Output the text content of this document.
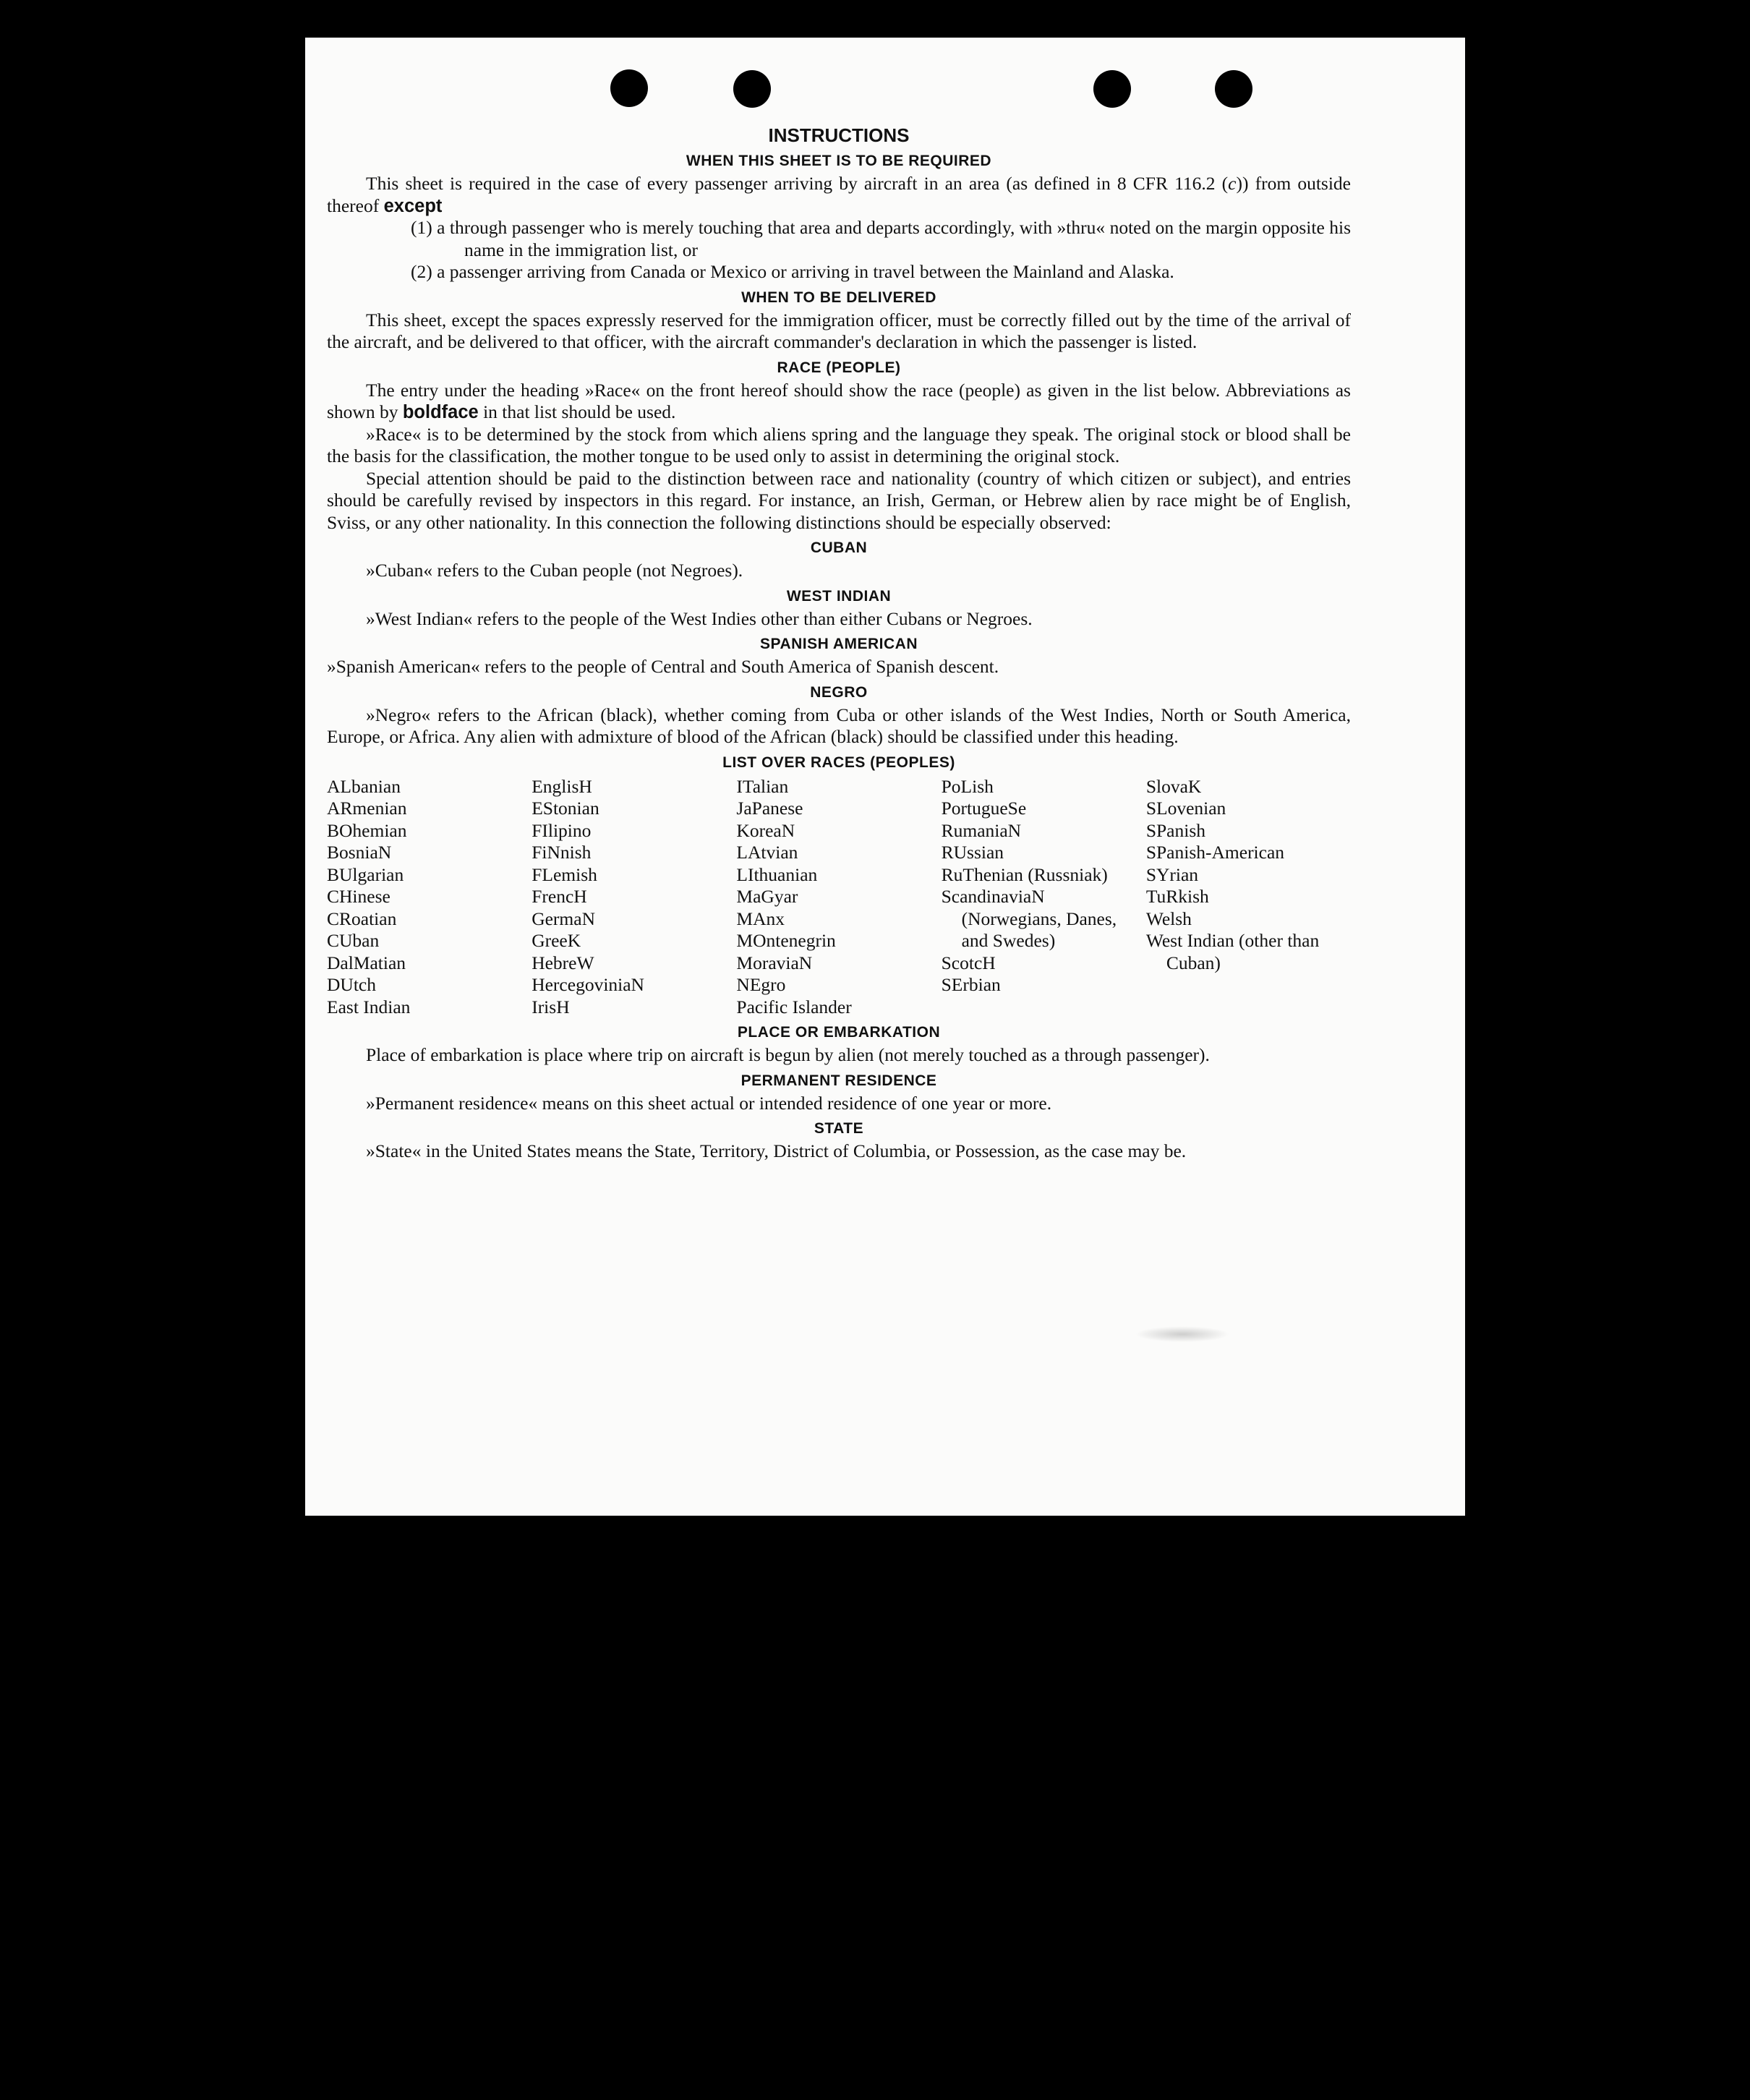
INSTRUCTIONS
WHEN THIS SHEET IS TO BE REQUIRED

This sheet is required in the case of every passenger arriving by aircraft in an area (as defined in 8 CFR 116.2 (c)) from outside thereof except

(1) a through passenger who is merely touching that area and departs accordingly, with »thru« noted on the margin opposite his name in the immigration list, or
(2) a passenger arriving from Canada or Mexico or arriving in travel between the Mainland and Alaska.
WHEN TO BE DELIVERED

This sheet, except the spaces expressly reserved for the immigration officer, must be correctly filled out by the time of the arrival of the aircraft, and be delivered to that officer, with the aircraft commander's declaration in which the passenger is listed.

RACE (PEOPLE)

The entry under the heading »Race« on the front hereof should show the race (people) as given in the list below. Abbreviations as shown by boldface in that list should be used.

»Race« is to be determined by the stock from which aliens spring and the language they speak. The original stock or blood shall be the basis for the classification, the mother tongue to be used only to assist in determining the original stock.

Special attention should be paid to the distinction between race and nationality (country of which citizen or subject), and entries should be carefully revised by inspectors in this regard. For instance, an Irish, German, or Hebrew alien by race might be of English, Sviss, or any other nationality. In this connection the following distinctions should be especially observed:

CUBAN

»Cuban« refers to the Cuban people (not Negroes).

WEST INDIAN

»West Indian« refers to the people of the West Indies other than either Cubans or Negroes.

SPANISH AMERICAN

»Spanish American« refers to the people of Central and South America of Spanish descent.

NEGRO

»Negro« refers to the African (black), whether coming from Cuba or other islands of the West Indies, North or South America, Europe, or Africa. Any alien with admixture of blood of the African (black) should be classified under this heading.

LIST OVER RACES (PEOPLES)
ALbanian
ARmenian
BOhemian
BosniaN
BUlgarian
CHinese
CRoatian
CUban
DalMatian
DUtch
East Indian
EnglisH
EStonian
FIlipino
FiNnish
FLemish
FrencH
GermaN
GreeK
HebreW
HercegoviniaN
IrisH
ITalian
JaPanese
KoreaN
LAtvian
LIthuanian
MaGyar
MAnx
MOntenegrin
MoraviaN
NEgro
Pacific Islander
PoLish
PortugueSe
RumaniaN
RUssian
RuThenian (Russniak)
ScandinaviaN (Norwegians, Danes, and Swedes)
ScotcH
SErbian
SlovaK
SLovenian
SPanish
SPanish-American
SYrian
TuRkish
Welsh
West Indian (other than Cuban)
PLACE OR EMBARKATION

Place of embarkation is place where trip on aircraft is begun by alien (not merely touched as a through passenger).

PERMANENT RESIDENCE

»Permanent residence« means on this sheet actual or intended residence of one year or more.

STATE

»State« in the United States means the State, Territory, District of Columbia, or Possession, as the case may be.
